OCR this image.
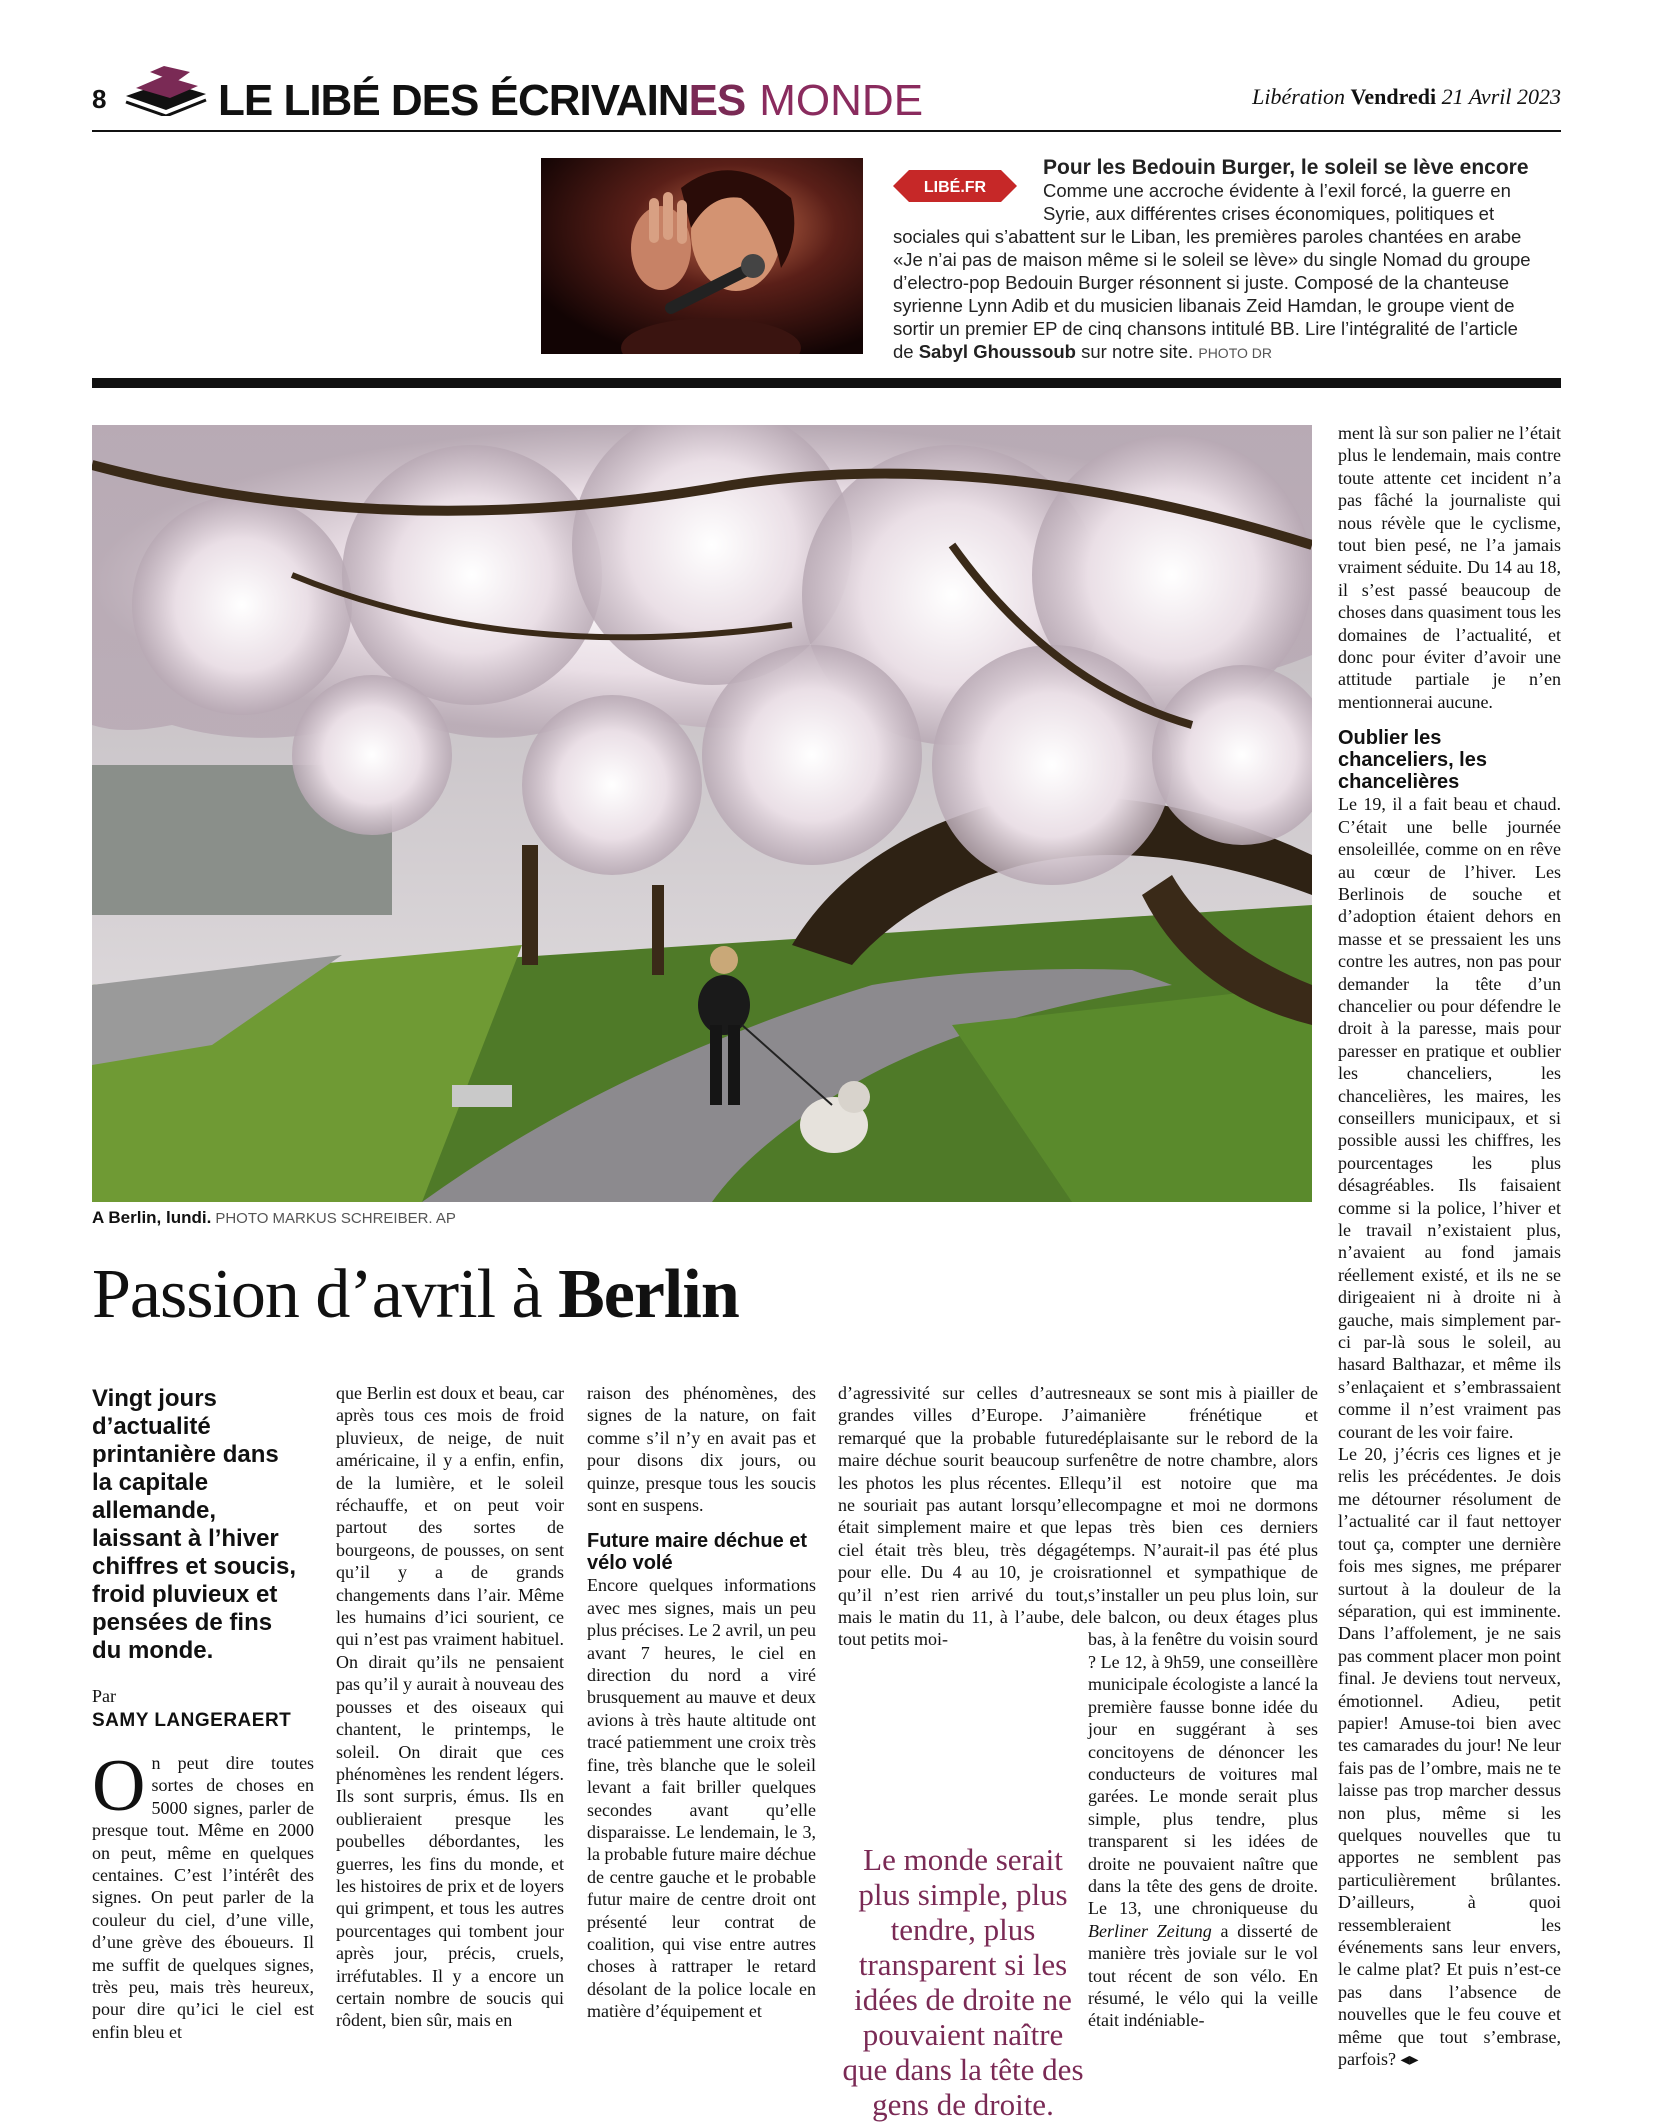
8	LE LIBÉ DES ÉCRIVAINES MONDE	Libération Vendredi 21 Avril 2023
LIBÉ.FR
Pour les Bedouin Burger, le soleil se lève encore Comme une accroche évidente à l’exil forcé, la guerre en Syrie, aux différentes crises économiques, politiques et sociales qui s’abattent sur le Liban, les premières paroles chantées en arabe «Je n’ai pas de maison même si le soleil se lève» du single Nomad du groupe d’electro-pop Bedouin Burger résonnent si juste. Composé de la chanteuse syrienne Lynn Adib et du musicien libanais Zeid Hamdan, le groupe vient de sortir un premier EP de cinq chansons intitulé BB. Lire l’intégralité de l’article de Sabyl Ghoussoub sur notre site. PHOTO DR
A Berlin, lundi. PHOTO MARKUS SCHREIBER. AP
Passion d’avril à Berlin
Vingt jours d’actualité printanière dans la capitale allemande, laissant à l’hiver chiffres et soucis, froid pluvieux et pensées de fins du monde.
Par
SAMY LANGERAERT

On peut dire toutes sortes de choses en 5000 signes, parler de presque tout. Même en 2000 on peut, même en quelques centaines. C’est l’intérêt des signes. On peut parler de la couleur du ciel, d’une ville, d’une grève des éboueurs. Il me suffit de quelques signes, très peu, mais très heureux, pour dire qu’ici le ciel est enfin bleu et

que Berlin est doux et beau, car après tous ces mois de froid pluvieux, de neige, de nuit américaine, il y a enfin, enfin, de la lumière, et le soleil réchauffe, et on peut voir partout des sortes de bourgeons, de pousses, on sent qu’il y a de grands changements dans l’air. Même les humains d’ici sourient, ce qui n’est pas vraiment habituel. On dirait qu’ils ne pensaient pas qu’il y aurait à nouveau des pousses et des oiseaux qui chantent, le printemps, le soleil. On dirait que ces phénomènes les rendent légers. Ils sont surpris, émus. Ils en oublieraient presque les poubelles débordantes, les guerres, les fins du monde, et les histoires de prix et de loyers qui grimpent, et tous les autres pourcentages qui tombent jour après jour, précis, cruels, irréfutables. Il y a encore un certain nombre de soucis qui rôdent, bien sûr, mais en

raison des phénomènes, des signes de la nature, on fait comme s’il n’y en avait pas et pour disons dix jours, ou quinze, presque tous les soucis sont en suspens.

Future maire déchue et vélo volé

Encore quelques informations avec mes signes, mais un peu plus précises. Le 2 avril, un peu avant 7 heures, le ciel en direction du nord a viré brusquement au mauve et deux avions à très haute altitude ont tracé patiemment une croix très fine, très blanche que le soleil levant a fait briller quelques secondes avant qu’elle disparaisse. Le lendemain, le 3, la probable future maire déchue de centre gauche et le probable futur maire de centre droit ont présenté leur contrat de coalition, qui vise entre autres choses à rattraper le retard désolant de la police locale en matière d’équipement et

d’agressivité sur celles d’autres grandes villes d’Europe. J’ai remarqué que la probable future maire déchue sourit beaucoup sur les photos les plus récentes. Elle ne souriait pas autant lorsqu’elle était simplement maire et que le ciel était très bleu, très dégagé pour elle. Du 4 au 10, je crois qu’il n’est rien arrivé du tout, mais le matin du 11, à l’aube, de tout petits moi-

Le monde serait plus simple, plus tendre, plus transparent si les idées de droite ne pouvaient naître que dans la tête des gens de droite.

neaux se sont mis à piailler de manière frénétique et déplaisante sur le rebord de la fenêtre de notre chambre, alors qu’il est notoire que ma compagne et moi ne dormons pas très bien ces derniers temps. N’aurait-il pas été plus rationnel et sympathique de s’installer un peu plus loin, sur le balcon, ou deux étages plus bas, à la fenêtre du voisin sourd ? Le 12, à 9h59, une conseillère municipale écologiste a lancé la première fausse bonne idée du jour en suggérant à ses concitoyens de dénoncer les conducteurs de voitures mal garées. Le monde serait plus simple, plus tendre, plus transparent si les idées de droite ne pouvaient naître que dans la tête des gens de droite. Le 13, une chroniqueuse du Berliner Zeitung a disserté de manière très joviale sur le vol tout récent de son vélo. En résumé, le vélo qui la veille était indéniable-

ment là sur son palier ne l’était plus le lendemain, mais contre toute attente cet incident n’a pas fâché la journaliste qui nous révèle que le cyclisme, tout bien pesé, ne l’a jamais vraiment séduite. Du 14 au 18, il s’est passé beaucoup de choses dans quasiment tous les domaines de l’actualité, et donc pour éviter d’avoir une attitude partiale je n’en mentionnerai aucune.

Oublier les chanceliers, les chancelières

Le 19, il a fait beau et chaud. C’était une belle journée ensoleillée, comme on en rêve au cœur de l’hiver. Les Berlinois de souche et d’adoption étaient dehors en masse et se pressaient les uns contre les autres, non pas pour demander la tête d’un chancelier ou pour défendre le droit à la paresse, mais pour paresser en pratique et oublier les chanceliers, les chancelières, les maires, les conseillers municipaux, et si possible aussi les chiffres, les pourcentages les plus désagréables. Ils faisaient comme si la police, l’hiver et le travail n’existaient plus, n’avaient au fond jamais réellement existé, et ils ne se dirigeaient ni à droite ni à gauche, mais simplement par-ci par-là sous le soleil, au hasard Balthazar, et même ils s’enlaçaient et s’embrassaient comme il n’est vraiment pas courant de les voir faire.

Le 20, j’écris ces lignes et je relis les précédentes. Je dois me détourner résolument de l’actualité car il faut nettoyer tout ça, compter une dernière fois mes signes, me préparer surtout à la douleur de la séparation, qui est imminente. Dans l’affolement, je ne sais pas comment placer mon point final. Je deviens tout nerveux, émotionnel. Adieu, petit papier! Amuse-toi bien avec tes camarades du jour! Ne leur fais pas de l’ombre, mais ne te laisse pas trop marcher dessus non plus, même si les quelques nouvelles que tu apportes ne semblent pas particulièrement brûlantes. D’ailleurs, à quoi ressembleraient les événements sans leur envers, le calme plat? Et puis n’est-ce pas dans l’absence de nouvelles que le feu couve et même que tout s’embrase, parfois? ◂▸
